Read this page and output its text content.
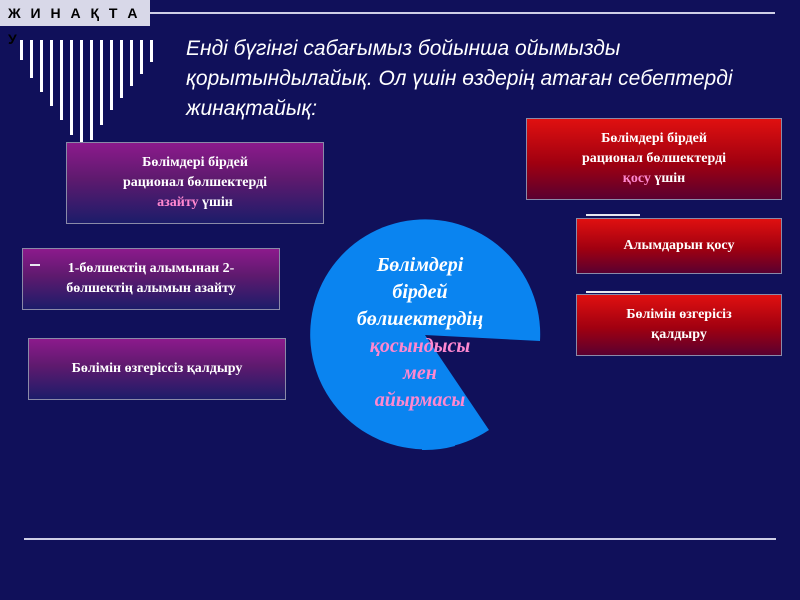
Ж И Н А Қ Т А У	Енді бүгінгі сабағымыз бойынша ойымызды қорытындылайық. Ол үшін өздерің атаған себептерді жинақтайық:
Бөлімдері бірдей
рационал бөлшектерді
азайту үшін
1-бөлшектің алымынан 2-
бөлшектің алымын азайту
Бөлімін өзгеріссіз қалдыру
Бөлімдері бірдей
рационал бөлшектерді
қосу үшін
Алымдарын қосу
Бөлімін өзгерісіз
қалдыру
Бөлімдері
бірдей
бөлшектердің
қосындысы
мен
айырмасы
